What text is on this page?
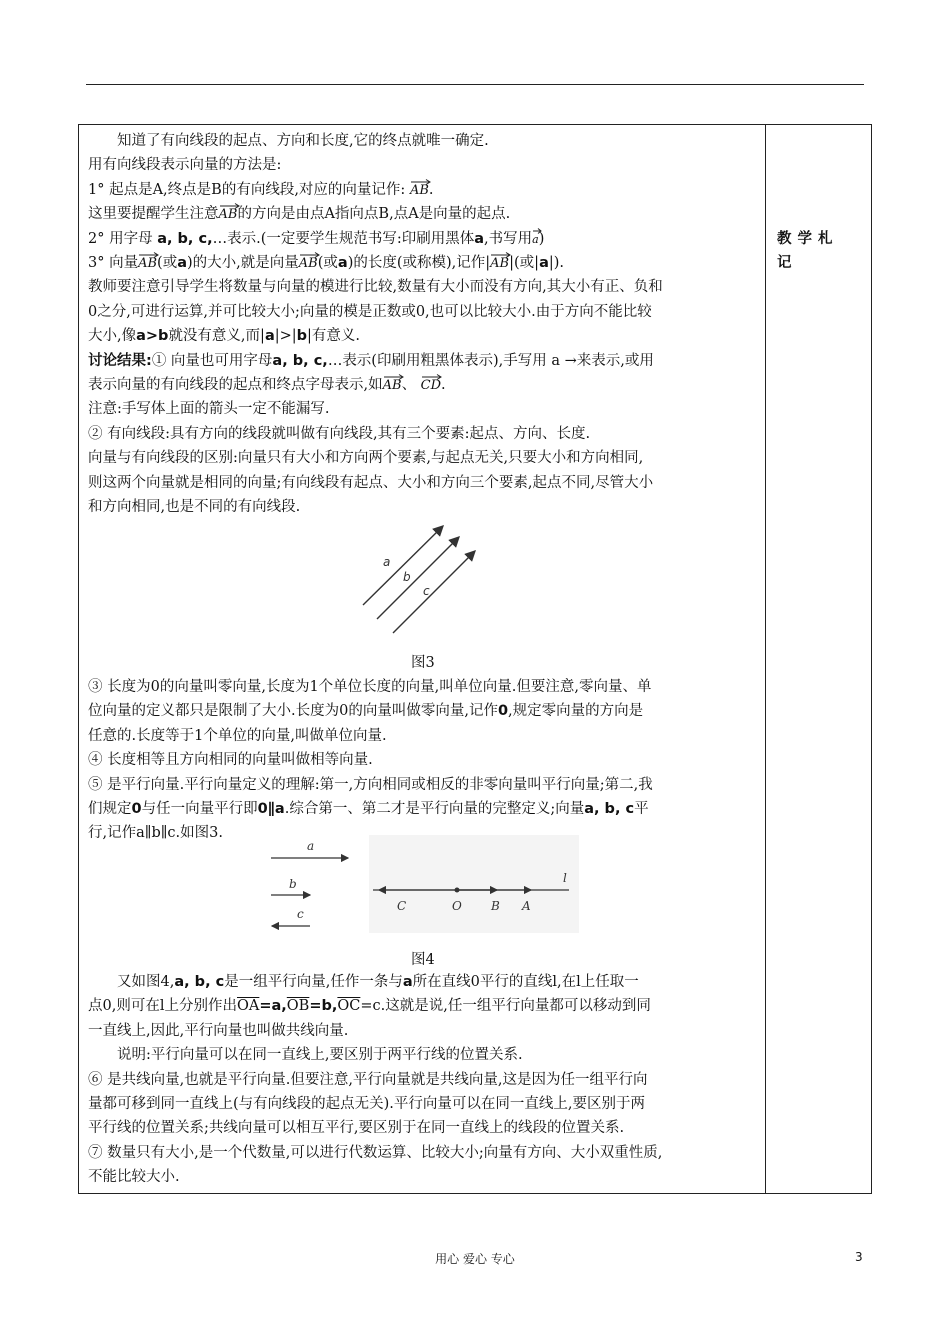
教学札记

知道了有向线段的起点、方向和长度,它的终点就唯一确定.

用有向线段表示向量的方法是:

1° 起点是A,终点是B的有向线段,对应的向量记作: AB.

这里要提醒学生注意
AB的方向是由点A指向点B,点A是向量的起点.

2° 用字母 a, b, c,…表示.(一定要学生规范书写:印刷用黑体a,书写用
a)

3° 向量
AB(或a)的大小,就是向量
AB(或a)的长度(或称模),记作|
AB|(或|a|).

教师要注意引导学生将数量与向量的模进行比较,数量有大小而没有方向,其大小有正、负和

0之分,可进行运算,并可比较大小;向量的模是正数或0,也可以比较大小.由于方向不能比较

大小,像a>b就没有意义,而|a|>|b|有意义.

讨论结果:① 向量也可用字母a, b, c,…表示(印刷用粗黑体表示),手写用 a →来表示,或用

表示向量的有向线段的起点和终点字母表示,如
AB、 CD.

注意:手写体上面的箭头一定不能漏写.

② 有向线段:具有方向的线段就叫做有向线段,其有三个要素:起点、方向、长度.

向量与有向线段的区别:向量只有大小和方向两个要素,与起点无关,只要大小和方向相同,

则这两个向量就是相同的向量;有向线段有起点、大小和方向三个要素,起点不同,尽管大小

和方向相同,也是不同的有向线段.

a
b
c
图3

③ 长度为0的向量叫零向量,长度为1个单位长度的向量,叫单位向量.但要注意,零向量、单

位向量的定义都只是限制了大小.长度为0的向量叫做零向量,记作0,规定零向量的方向是

任意的.长度等于1个单位的向量,叫做单位向量.

④ 长度相等且方向相同的向量叫做相等向量.

⑤ 是平行向量.平行向量定义的理解:第一,方向相同或相反的非零向量叫平行向量;第二,我

们规定0与任一向量平行即0∥a.综合第一、第二才是平行向量的完整定义;向量a, b, c平

行,记作a∥b∥c.如图3.

a
b
c
l
C	O B A
图4

又如图4,a, b, c是一组平行向量,任作一条与a所在直线0平行的直线l,在l上任取一

点0,则可在l上分别作出$\overline{OA}=a,\overline{OB}=b,\overline{OC}=c$.这就是说,任一组平行向量都可以移动到同

一直线上,因此,平行向量也叫做共线向量.

说明:平行向量可以在同一直线上,要区别于两平行线的位置关系.

⑥ 是共线向量,也就是平行向量.但要注意,平行向量就是共线向量,这是因为任一组平行向

量都可移到同一直线上(与有向线段的起点无关).平行向量可以在同一直线上,要区别于两

平行线的位置关系;共线向量可以相互平行,要区别于在同一直线上的线段的位置关系.

⑦ 数量只有大小,是一个代数量,可以进行代数运算、比较大小;向量有方向、大小双重性质,

不能比较大小.

用心 爱心 专心	3
